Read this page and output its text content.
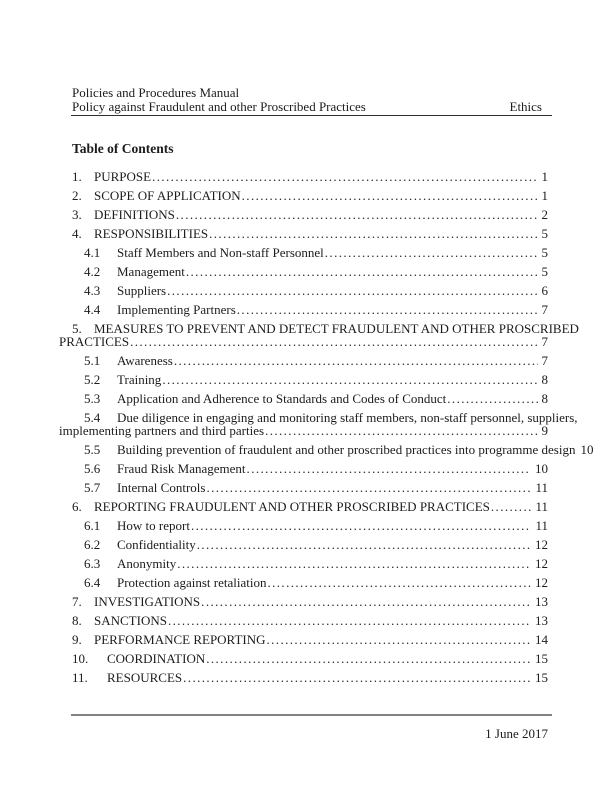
Policies and Procedures Manual
Policy against Fraudulent and other Proscribed Practices	Ethics
Table of Contents
1. PURPOSE .....	1
2. SCOPE OF APPLICATION .....	1
3. DEFINITIONS .....	2
4. RESPONSIBILITIES .....	5
4.1	Staff Members and Non-staff Personnel .....	5
4.2	Management .....	5
4.3	Suppliers .....	6
4.4	Implementing Partners .....	7
5. MEASURES TO PREVENT AND DETECT FRAUDULENT AND OTHER PROSCRIBED
PRACTICES .....	7
5.1	Awareness .....	7
5.2	Training .....	8
5.3	Application and Adherence to Standards and Codes of Conduct .....	8
5.4	Due diligence in engaging and monitoring staff members, non-staff personnel, suppliers,
implementing partners and third parties .....	9
5.5	Building prevention of fraudulent and other proscribed practices into programme design 10
5.6	Fraud Risk Management .....	10
5.7	Internal Controls .....	11
6. REPORTING FRAUDULENT AND OTHER PROSCRIBED PRACTICES .....	11
6.1	How to report .....	11
6.2	Confidentiality .....	12
6.3	Anonymity .....	12
6.4	Protection against retaliation .....	12
7. INVESTIGATIONS .....	13
8. SANCTIONS .....	13
9. PERFORMANCE REPORTING .....	14
10.	COORDINATION .....	15
11.	RESOURCES .....	15
1 June 2017
